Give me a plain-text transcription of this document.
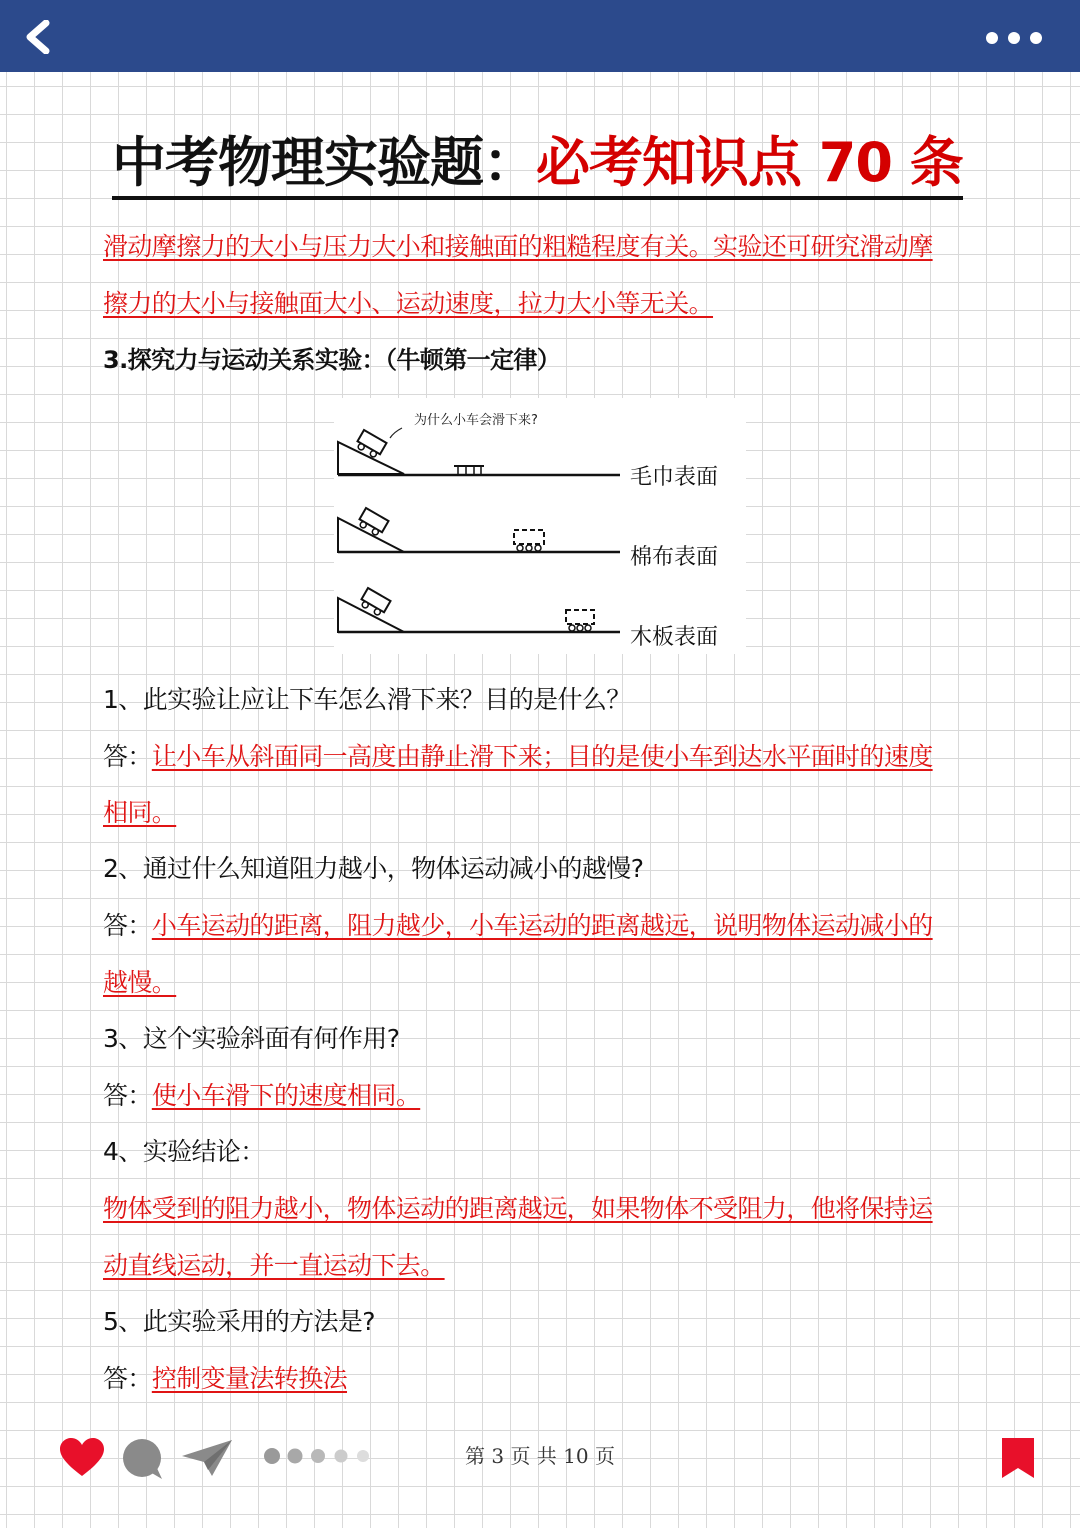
中考物理实验题：必考知识点 70 条
滑动摩擦力的大小与压力大小和接触面的粗糙程度有关。实验还可研究滑动摩
擦力的大小与接触面大小、运动速度，拉力大小等无关。
3.探究力与运动关系实验：（牛顿第一定律）
为什么小车会滑下来?
毛巾表面
棉布表面
木板表面
1、此实验让应让下车怎么滑下来？目的是什么？
答：让小车从斜面同一高度由静止滑下来；目的是使小车到达水平面时的速度
相同。
2、通过什么知道阻力越小，物体运动减小的越慢?
答：小车运动的距离，阻力越少，小车运动的距离越远，说明物体运动减小的
越慢。
3、这个实验斜面有何作用?
答：使小车滑下的速度相同。
4、实验结论：
物体受到的阻力越小，物体运动的距离越远，如果物体不受阻力，他将保持运
动直线运动，并一直运动下去。
5、此实验采用的方法是?
答：控制变量法转换法
第 3 页 共 10 页
